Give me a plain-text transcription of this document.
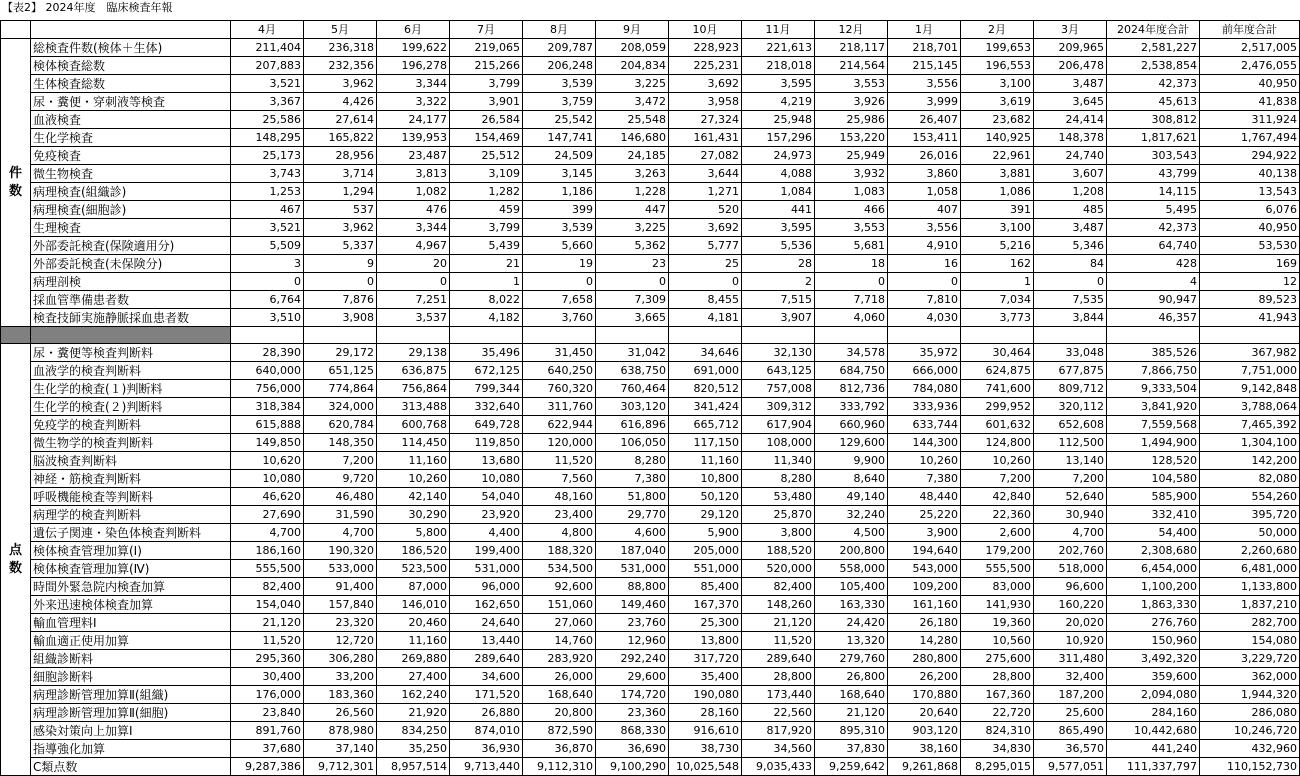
【表2】 2024年度　臨床検査年報
		4月	5月	6月	7月	8月	9月	10月	11月	12月	1月	2月	3月	2024年度合計	前年度合計
件数	総検査件数(検体＋生体)	211,404	236,318	199,622	219,065	209,787	208,059	228,923	221,613	218,117	218,701	199,653	209,965	2,581,227	2,517,005
	検体検査総数	207,883	232,356	196,278	215,266	206,248	204,834	225,231	218,018	214,564	215,145	196,553	206,478	2,538,854	2,476,055
	生体検査総数	3,521	3,962	3,344	3,799	3,539	3,225	3,692	3,595	3,553	3,556	3,100	3,487	42,373	40,950
	尿・糞便・穿刺液等検査	3,367	4,426	3,322	3,901	3,759	3,472	3,958	4,219	3,926	3,999	3,619	3,645	45,613	41,838
	血液検査	25,586	27,614	24,177	26,584	25,542	25,548	27,324	25,948	25,986	26,407	23,682	24,414	308,812	311,924
	生化学検査	148,295	165,822	139,953	154,469	147,741	146,680	161,431	157,296	153,220	153,411	140,925	148,378	1,817,621	1,767,494
	免疫検査	25,173	28,956	23,487	25,512	24,509	24,185	27,082	24,973	25,949	26,016	22,961	24,740	303,543	294,922
	微生物検査	3,743	3,714	3,813	3,109	3,145	3,263	3,644	4,088	3,932	3,860	3,881	3,607	43,799	40,138
	病理検査(組織診)	1,253	1,294	1,082	1,282	1,186	1,228	1,271	1,084	1,083	1,058	1,086	1,208	14,115	13,543
	病理検査(細胞診)	467	537	476	459	399	447	520	441	466	407	391	485	5,495	6,076
	生理検査	3,521	3,962	3,344	3,799	3,539	3,225	3,692	3,595	3,553	3,556	3,100	3,487	42,373	40,950
	外部委託検査(保険適用分)	5,509	5,337	4,967	5,439	5,660	5,362	5,777	5,536	5,681	4,910	5,216	5,346	64,740	53,530
	外部委託検査(未保険分)	3	9	20	21	19	23	25	28	18	16	162	84	428	169
	病理剖検	0	0	0	1	0	0	0	2	0	0	1	0	4	12
	採血管準備患者数	6,764	7,876	7,251	8,022	7,658	7,309	8,455	7,515	7,718	7,810	7,034	7,535	90,947	89,523
	検査技師実施静脈採血患者数	3,510	3,908	3,537	4,182	3,760	3,665	4,181	3,907	4,060	4,030	3,773	3,844	46,357	41,943

点数	尿・糞便等検査判断料	28,390	29,172	29,138	35,496	31,450	31,042	34,646	32,130	34,578	35,972	30,464	33,048	385,526	367,982
	血液学的検査判断料	640,000	651,125	636,875	672,125	640,250	638,750	691,000	643,125	684,750	666,000	624,875	677,875	7,866,750	7,751,000
	生化学的検査(１)判断料	756,000	774,864	756,864	799,344	760,320	760,464	820,512	757,008	812,736	784,080	741,600	809,712	9,333,504	9,142,848
	生化学的検査(２)判断料	318,384	324,000	313,488	332,640	311,760	303,120	341,424	309,312	333,792	333,936	299,952	320,112	3,841,920	3,788,064
	免疫学的検査判断料	615,888	620,784	600,768	649,728	622,944	616,896	665,712	617,904	660,960	633,744	601,632	652,608	7,559,568	7,465,392
	微生物学的検査判断料	149,850	148,350	114,450	119,850	120,000	106,050	117,150	108,000	129,600	144,300	124,800	112,500	1,494,900	1,304,100
	脳波検査判断料	10,620	7,200	11,160	13,680	11,520	8,280	11,160	11,340	9,900	10,260	10,260	13,140	128,520	142,200
	神経・筋検査判断料	10,080	9,720	10,260	10,080	7,560	7,380	10,800	8,280	8,640	7,380	7,200	7,200	104,580	82,080
	呼吸機能検査等判断料	46,620	46,480	42,140	54,040	48,160	51,800	50,120	53,480	49,140	48,440	42,840	52,640	585,900	554,260
	病理学的検査判断料	27,690	31,590	30,290	23,920	23,400	29,770	29,120	25,870	32,240	25,220	22,360	30,940	332,410	395,720
	遺伝子関連・染色体検査判断料	4,700	4,700	5,800	4,400	4,800	4,600	5,900	3,800	4,500	3,900	2,600	4,700	54,400	50,000
	検体検査管理加算(Ⅰ)	186,160	190,320	186,520	199,400	188,320	187,040	205,000	188,520	200,800	194,640	179,200	202,760	2,308,680	2,260,680
	検体検査管理加算(Ⅳ)	555,500	533,000	523,500	531,000	534,500	531,000	551,000	520,000	558,000	543,000	555,500	518,000	6,454,000	6,481,000
	時間外緊急院内検査加算	82,400	91,400	87,000	96,000	92,600	88,800	85,400	82,400	105,400	109,200	83,000	96,600	1,100,200	1,133,800
	外来迅速検体検査加算	154,040	157,840	146,010	162,650	151,060	149,460	167,370	148,260	163,330	161,160	141,930	160,220	1,863,330	1,837,210
	輸血管理料Ⅰ	21,120	23,320	20,460	24,640	27,060	23,760	25,300	21,120	24,420	26,180	19,360	20,020	276,760	282,700
	輸血適正使用加算	11,520	12,720	11,160	13,440	14,760	12,960	13,800	11,520	13,320	14,280	10,560	10,920	150,960	154,080
	組織診断料	295,360	306,280	269,880	289,640	283,920	292,240	317,720	289,640	279,760	280,800	275,600	311,480	3,492,320	3,229,720
	細胞診断料	30,400	33,200	27,400	34,600	26,000	29,600	35,400	28,800	26,800	26,200	28,800	32,400	359,600	362,000
	病理診断管理加算Ⅱ(組織)	176,000	183,360	162,240	171,520	168,640	174,720	190,080	173,440	168,640	170,880	167,360	187,200	2,094,080	1,944,320
	病理診断管理加算Ⅱ(細胞)	23,840	26,560	21,920	26,880	20,800	23,360	28,160	22,560	21,120	20,640	22,720	25,600	284,160	286,080
	感染対策向上加算Ⅰ	891,760	878,980	834,250	874,010	872,590	868,330	916,610	817,920	895,310	903,120	824,310	865,490	10,442,680	10,246,720
	指導強化加算	37,680	37,140	35,250	36,930	36,870	36,690	38,730	34,560	37,830	38,160	34,830	36,570	441,240	432,960
	C類点数	9,287,386	9,712,301	8,957,514	9,713,440	9,112,310	9,100,290	10,025,548	9,035,433	9,259,642	9,261,868	8,295,015	9,577,051	111,337,797	110,152,730
